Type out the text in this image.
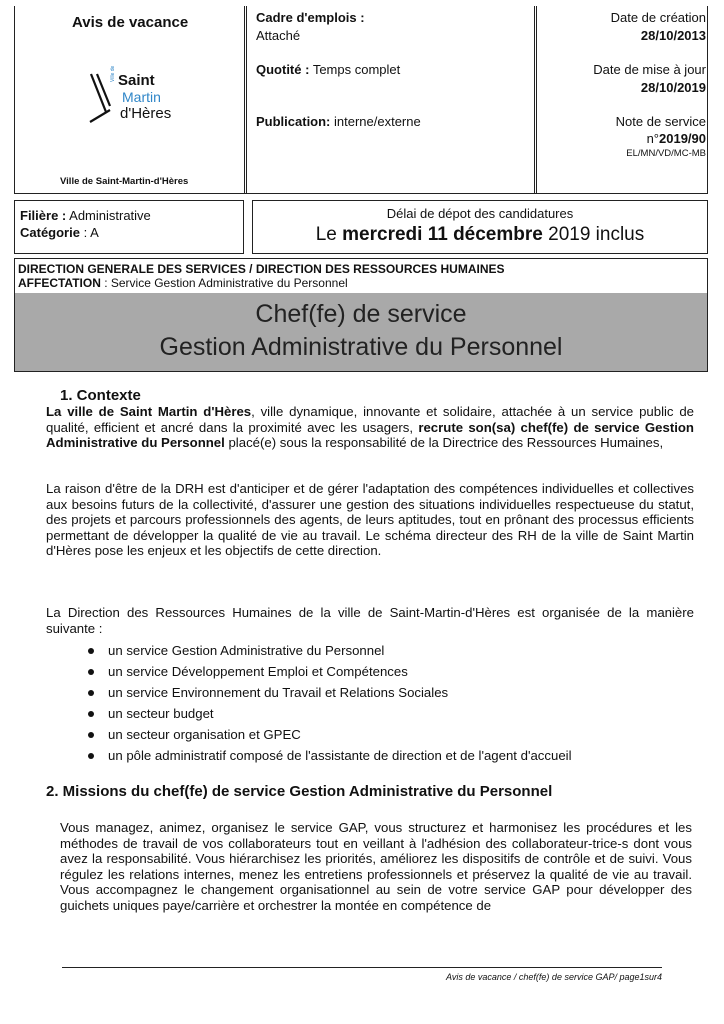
Avis de vacance
Ville de Saint
Martin
d'Hères
Ville de Saint-Martin-d'Hères
Cadre d'emplois :
Attaché
Quotité : Temps complet
Publication: interne/externe
Date de création
28/10/2013
Date de mise à jour
28/10/2019
Note de service
n°2019/90
EL/MN/VD/MC-MB
Filière : Administrative
Catégorie : A
Délai de dépot des candidatures
Le mercredi 11 décembre 2019 inclus
DIRECTION GENERALE DES SERVICES / DIRECTION DES RESSOURCES HUMAINES
AFFECTATION : Service Gestion Administrative du Personnel
Chef(fe) de service
Gestion Administrative du Personnel
1. Contexte
La ville de Saint Martin d'Hères, ville dynamique, innovante et solidaire, attachée à un service public de qualité, efficient et ancré dans la proximité avec les usagers, recrute son(sa) chef(fe) de service Gestion Administrative du Personnel placé(e) sous la responsabilité de la Directrice des Ressources Humaines,
La raison d'être de la DRH est d'anticiper et de gérer l'adaptation des compétences individuelles et collectives aux besoins futurs de la collectivité, d'assurer une gestion des situations individuelles respectueuse du statut, des projets et parcours professionnels des agents, de leurs aptitudes, tout en prônant des processus efficients permettant de développer la qualité de vie au travail. Le schéma directeur des RH de la ville de Saint Martin d'Hères pose les enjeux et les objectifs de cette direction.
La Direction des Ressources Humaines de la ville de Saint-Martin-d'Hères est organisée de la manière suivante :
un service Gestion Administrative du Personnel
un service Développement Emploi et Compétences
un service Environnement du Travail et Relations Sociales
un secteur budget
un secteur organisation et GPEC
un pôle administratif composé de l'assistante de direction et de l'agent d'accueil
2. Missions du chef(fe) de service Gestion Administrative du Personnel
Vous managez, animez, organisez le service GAP, vous structurez et harmonisez les procédures et les méthodes de travail de vos collaborateurs tout en veillant à l'adhésion des collaborateur-trice-s dont vous avez la responsabilité. Vous hiérarchisez les priorités, améliorez les dispositifs de contrôle et de suivi. Vous régulez les relations internes, menez les entretiens professionnels et préservez la qualité de vie au travail. Vous accompagnez le changement organisationnel au sein de votre service GAP pour développer des guichets uniques paye/carrière et orchestrer la montée en compétence de
Avis de vacance / chef(fe) de service GAP/ page1sur4
